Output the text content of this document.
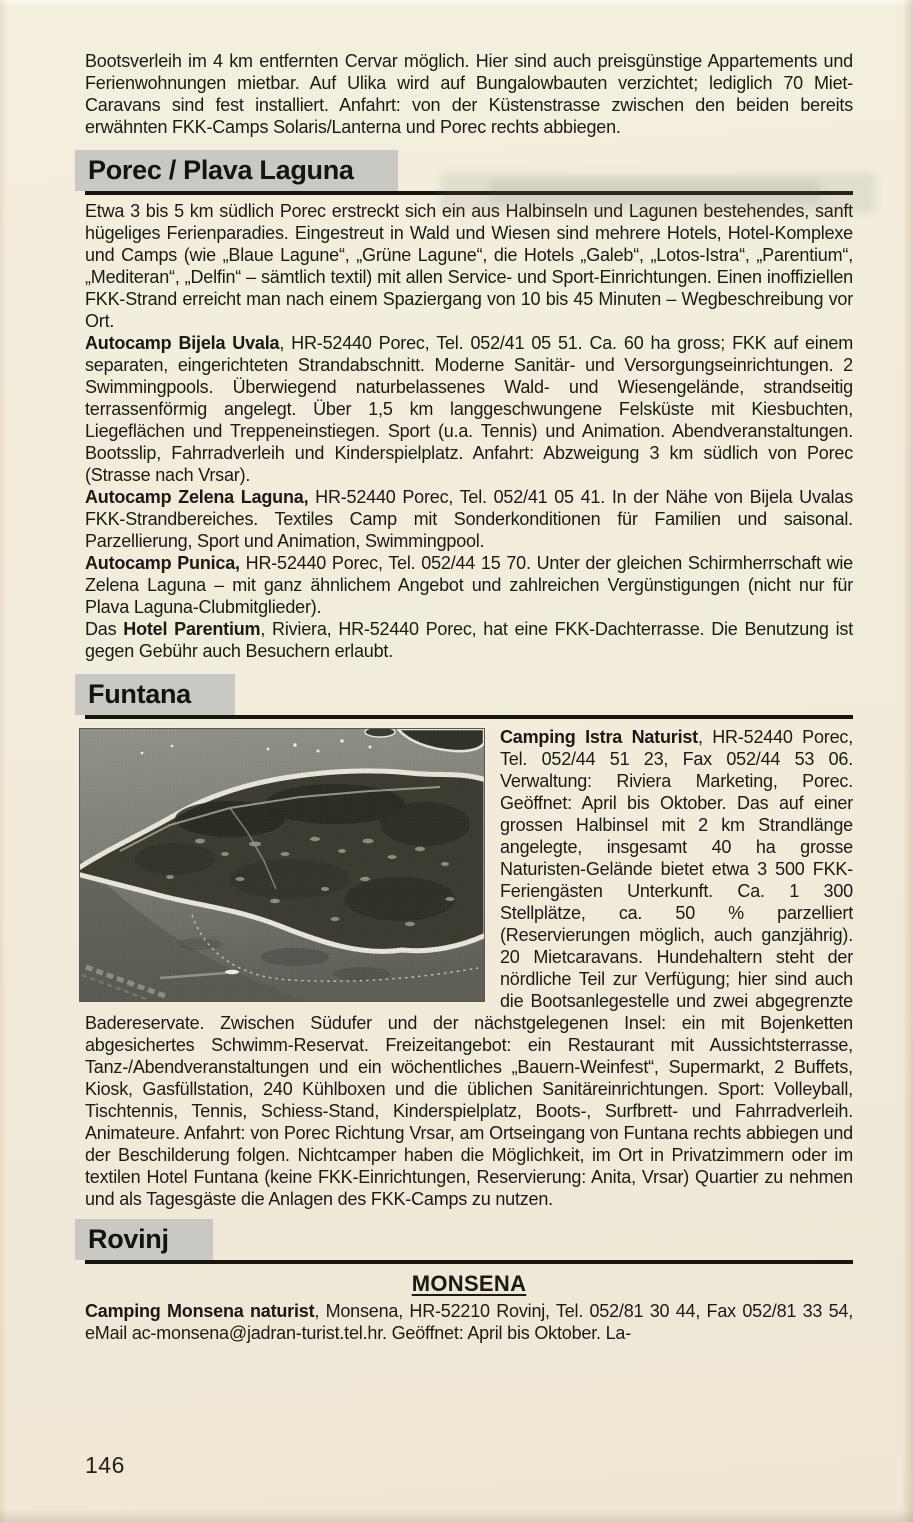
Bootsverleih im 4 km entfernten Cervar möglich. Hier sind auch preisgünstige Appartements und Ferienwohnungen mietbar. Auf Ulika wird auf Bungalowbauten verzichtet; lediglich 70 Miet-Caravans sind fest installiert. Anfahrt: von der Küstenstrasse zwischen den beiden bereits erwähnten FKK-Camps Solaris/Lanterna und Porec rechts abbiegen.

Porec / Plava Laguna

Etwa 3 bis 5 km südlich Porec erstreckt sich ein aus Halbinseln und Lagunen bestehendes, sanft hügeliges Ferienparadies. Eingestreut in Wald und Wiesen sind mehrere Hotels, Hotel-Komplexe und Camps (wie „Blaue Lagune“, „Grüne Lagune“, die Hotels „Galeb“, „Lotos-Istra“, „Parentium“, „Mediteran“, „Delfin“ – sämtlich textil) mit allen Service- und Sport-Einrichtungen. Einen inoffiziellen FKK-Strand erreicht man nach einem Spaziergang von 10 bis 45 Minuten – Wegbeschreibung vor Ort.

Autocamp Bijela Uvala, HR-52440 Porec, Tel. 052/41 05 51. Ca. 60 ha gross; FKK auf einem separaten, eingerichteten Strandabschnitt. Moderne Sanitär- und Versorgungseinrichtungen. 2 Swimmingpools. Überwiegend naturbelassenes Wald- und Wiesengelände, strandseitig terrassenförmig angelegt. Über 1,5 km langgeschwungene Felsküste mit Kiesbuchten, Liegeflächen und Treppeneinstiegen. Sport (u.a. Tennis) und Animation. Abendveranstaltungen. Bootsslip, Fahrradverleih und Kinderspielplatz. Anfahrt: Abzweigung 3 km südlich von Porec (Strasse nach Vrsar).

Autocamp Zelena Laguna, HR-52440 Porec, Tel. 052/41 05 41. In der Nähe von Bijela Uvalas FKK-Strandbereiches. Textiles Camp mit Sonderkonditionen für Familien und saisonal. Parzellierung, Sport und Animation, Swimmingpool.

Autocamp Punica, HR-52440 Porec, Tel. 052/44 15 70. Unter der gleichen Schirmherrschaft wie Zelena Laguna – mit ganz ähnlichem Angebot und zahlreichen Vergünstigungen (nicht nur für Plava Laguna-Clubmitglieder).

Das Hotel Parentium, Riviera, HR-52440 Porec, hat eine FKK-Dachterrasse. Die Benutzung ist gegen Gebühr auch Besuchern erlaubt.

Funtana

Camping Istra Naturist, HR-52440 Porec, Tel. 052/44 51 23, Fax 052/44 53 06. Verwaltung: Riviera Marketing, Porec. Geöffnet: April bis Oktober. Das auf einer grossen Halbinsel mit 2 km Strandlänge angelegte, insgesamt 40 ha grosse Naturisten-Gelände bietet etwa 3 500 FKK-Feriengästen Unterkunft. Ca. 1 300 Stellplätze, ca. 50 % parzelliert (Reservierungen möglich, auch ganzjährig). 20 Mietcaravans. Hundehaltern steht der nördliche Teil zur Verfügung; hier sind auch die Bootsanlegestelle und zwei abgegrenzte Badereservate. Zwischen Südufer und der nächstgelegenen Insel: ein mit Bojenketten abgesichertes Schwimm-Reservat. Freizeitangebot: ein Restaurant mit Aussichtsterrasse, Tanz-/Abendveranstaltungen und ein wöchentliches „Bauern-Weinfest“, Supermarkt, 2 Buffets, Kiosk, Gasfüllstation, 240 Kühlboxen und die üblichen Sanitäreinrichtungen. Sport: Volleyball, Tischtennis, Tennis, Schiess-Stand, Kinderspielplatz, Boots-, Surfbrett- und Fahrradverleih. Animateure. Anfahrt: von Porec Richtung Vrsar, am Ortseingang von Funtana rechts abbiegen und der Beschilderung folgen. Nichtcamper haben die Möglichkeit, im Ort in Privatzimmern oder im textilen Hotel Funtana (keine FKK-Einrichtungen, Reservierung: Anita, Vrsar) Quartier zu nehmen und als Tagesgäste die Anlagen des FKK-Camps zu nutzen.

Rovinj
MONSENA

Camping Monsena naturist, Monsena, HR-52210 Rovinj, Tel. 052/81 30 44, Fax 052/81 33 54, eMail ac-monsena@jadran-turist.tel.hr. Geöffnet: April bis Oktober. La-

146
